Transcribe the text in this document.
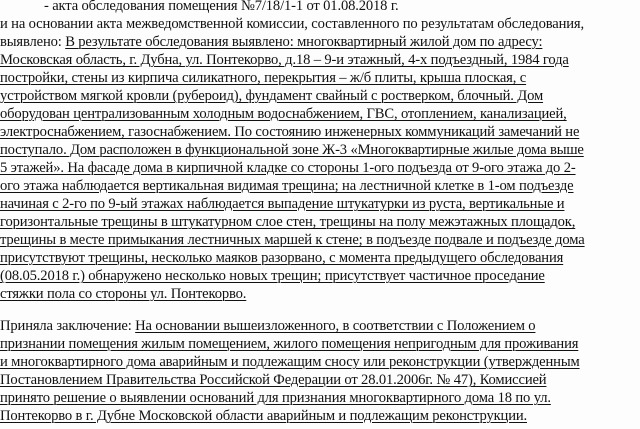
- акта обследования помещения №7/18/1-1 от 01.08.2018 г.
и на основании акта межведомственной комиссии, составленного по результатам обследования,
выявлено: В результате обследования выявлено: многоквартирный жилой дом по адресу:
Московская область, г. Дубна, ул. Понтекорво, д.18 – 9-и этажный, 4-х подъездный, 1984 года
постройки, стены из кирпича силикатного, перекрытия – ж/б плиты, крыша плоская, с
устройством мягкой кровли (рубероид), фундамент свайный с ростверком, блочный. Дом
оборудован централизованным холодным водоснабжением, ГВС, отоплением, канализацией,
электроснабжением, газоснабжением. По состоянию инженерных коммуникаций замечаний не
поступало. Дом расположен в функциональной зоне Ж-3 «Многоквартирные жилые дома выше
5 этажей». На фасаде дома в кирпичной кладке со стороны 1-ого подъезда от 9-ого этажа до 2-
ого этажа наблюдается вертикальная видимая трещина; на лестничной клетке в 1-ом подъезде
начиная с 2-го по 9-ый этажах наблюдается выпадение штукатурки из руста, вертикальные и
горизонтальные трещины в штукатурном слое стен, трещины на полу межэтажных площадок,
трещины в месте примыкания лестничных маршей к стене; в подъезде подвале и подъезде дома
присутствуют трещины, несколько маяков разорвано, с момента предыдущего обследования
(08.05.2018 г.) обнаружено несколько новых трещин; присутствует частичное проседание
стяжки пола со стороны ул. Понтекорво.
Приняла заключение: На основании вышеизложенного, в соответствии с Положением о
признании помещения жилым помещением, жилого помещения непригодным для проживания
и многоквартирного дома аварийным и подлежащим сносу или реконструкции (утвержденным
Постановлением Правительства Российской Федерации от 28.01.2006г. № 47), Комиссией
принято решение о выявлении оснований для признания многоквартирного дома 18 по ул.
Понтекорво в г. Дубне Московской области аварийным и подлежащим реконструкции.
